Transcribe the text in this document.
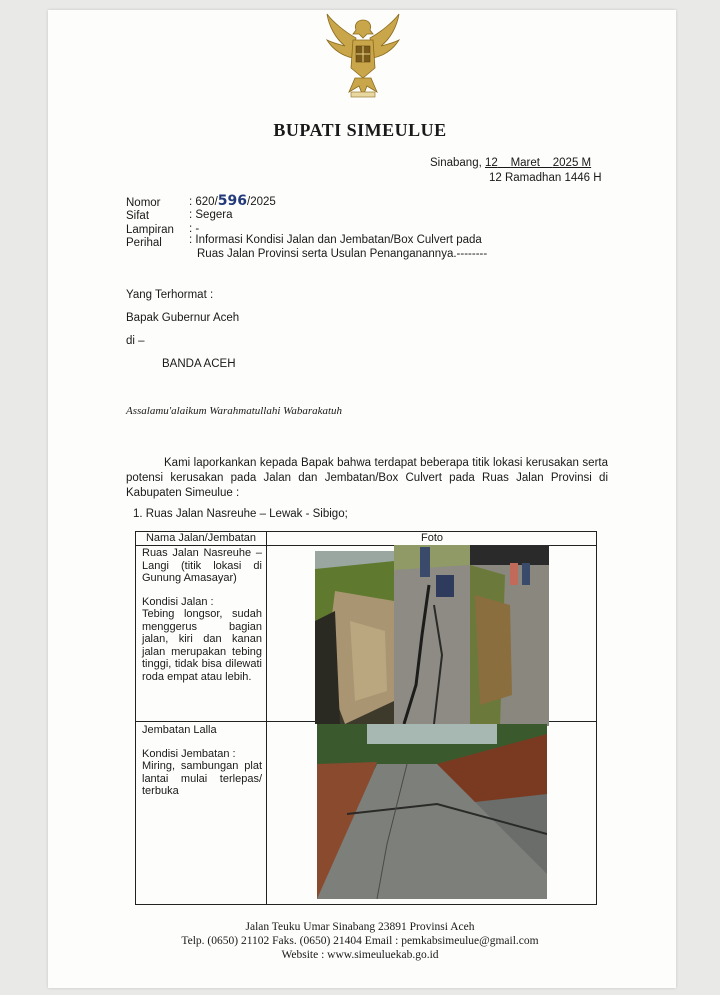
BUPATI SIMEULUE
Sinabang, 12 Maret 2025 M
12 Ramadhan 1446 H
Nomor : 620/596/2025
Sifat	: Segera
Lampiran : -
Perihal : Informasi Kondisi Jalan dan Jembatan/Box Culvert pada
Ruas Jalan Provinsi serta Usulan Penanganannya.--------
Yang Terhormat :
Bapak Gubernur Aceh
di –
BANDA ACEH
Assalamu'alaikum Warahmatullahi Wabarakatuh
Kami laporkankan kepada Bapak bahwa terdapat beberapa titik lokasi kerusakan serta potensi kerusakan pada Jalan dan Jembatan/Box Culvert pada Ruas Jalan Provinsi di Kabupaten Simeulue :
1. Ruas Jalan Nasreuhe – Lewak - Sibigo;
Nama Jalan/Jembatan	Foto

Ruas Jalan Nasreuhe – Langi (titik lokasi di Gunung Amasayar)

Kondisi Jalan :

Tebing longsor, sudah menggerus bagian jalan, kiri dan kanan jalan merupakan tebing tinggi, tidak bisa dilewati roda empat atau lebih.

Jembatan Lalla

Kondisi Jembatan :

Miring, sambungan plat lantai mulai terlepas/ terbuka

Jalan Teuku Umar Sinabang 23891 Provinsi Aceh
Telp. (0650) 21102 Faks. (0650) 21404 Email : pemkabsimeulue@gmail.com
Website : www.simeuluekab.go.id
